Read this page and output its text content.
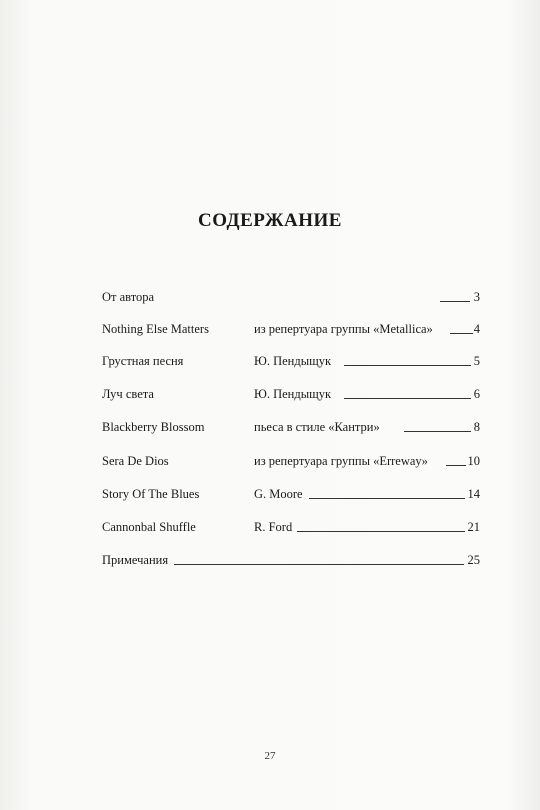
СОДЕРЖАНИЕ
От автора	3
Nothing Else Matters	из репертуара группы «Metallica»	4
Грустная песня	Ю. Пендыщук	5
Луч света	Ю. Пендыщук	6
Blackberry Blossom	пьеса в стиле «Кантри»	8
Sera De Dios	из репертуара группы «Erreway»	10
Story Of The Blues	G. Moore	14
Cannonbal Shuffle	R. Ford	21
Примечания	25
27
